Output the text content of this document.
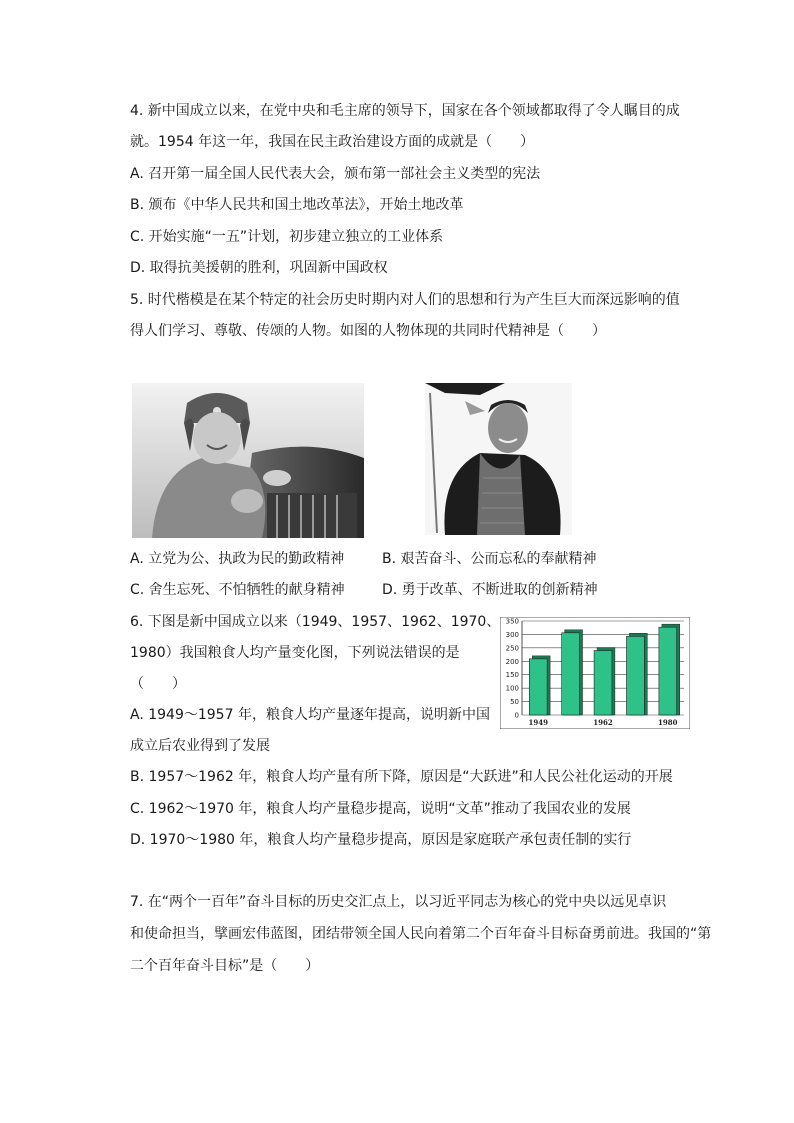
4. 新中国成立以来，在党中央和毛主席的领导下，国家在各个领域都取得了令人瞩目的成
就。1954 年这一年，我国在民主政治建设方面的成就是（　　）
A. 召开第一届全国人民代表大会，颁布第一部社会主义类型的宪法
B. 颁布《中华人民共和国土地改革法》，开始土地改革
C. 开始实施“一五”计划，初步建立独立的工业体系
D. 取得抗美援朝的胜利，巩固新中国政权
5. 时代楷模是在某个特定的社会历史时期内对人们的思想和行为产生巨大而深远影响的值
得人们学习、尊敬、传颂的人物。如图的人物体现的共同时代精神是（　　）
A. 立党为公、执政为民的勤政精神	B. 艰苦奋斗、公而忘私的奉献精神
C. 舍生忘死、不怕牺牲的献身精神	D. 勇于改革、不断进取的创新精神
6. 下图是新中国成立以来（1949、1957、1962、1970、
1980）我国粮食人均产量变化图，下列说法错误的是
（　　）
A. 1949～1957 年，粮食人均产量逐年提高，说明新中国
成立后农业得到了发展
B. 1957～1962 年，粮食人均产量有所下降，原因是“大跃进”和人民公社化运动的开展
C. 1962～1970 年，粮食人均产量稳步提高，说明“文革”推动了我国农业的发展
D. 1970～1980 年，粮食人均产量稳步提高，原因是家庭联产承包责任制的实行
0
50
100
150
200
250
300
350
1949	1962	1980
7. 在“两个一百年”奋斗目标的历史交汇点上，以习近平同志为核心的党中央以远见卓识
和使命担当，擘画宏伟蓝图，团结带领全国人民向着第二个百年奋斗目标奋勇前进。我国的“第
二个百年奋斗目标”是（　　）
